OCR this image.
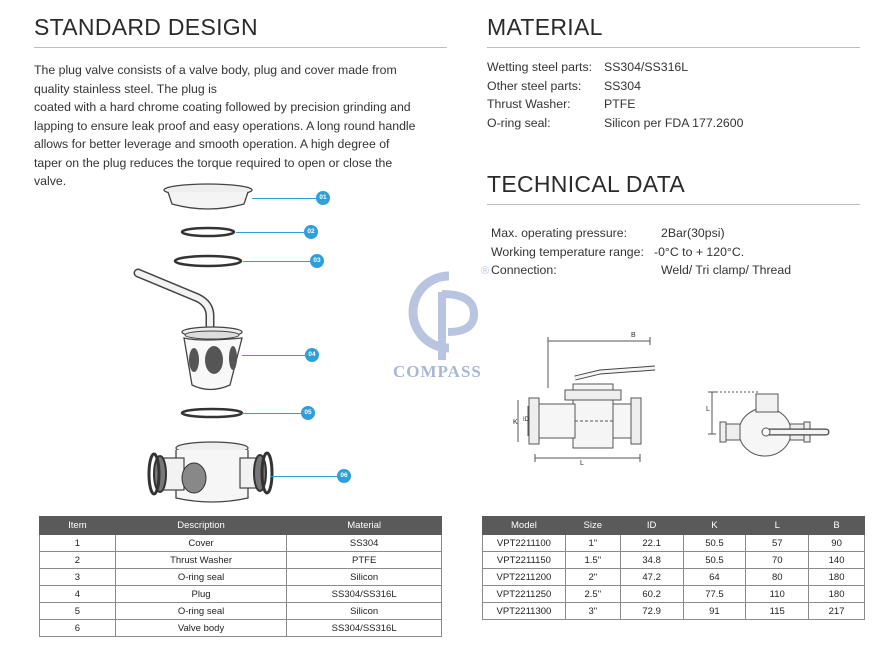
STANDARD DESIGN
The plug valve consists of a valve body, plug and cover made from
quality stainless steel. The plug is
coated with a hard chrome coating followed by precision grinding and
lapping to ensure leak proof and easy operations. A long round handle
allows for better leverage and smooth operation. A high degree of
taper on the plug reduces the torque required to open or close the
valve.
MATERIAL
Wetting steel parts: SS304/SS316L
Other steel parts: SS304
Thrust Washer:	PTFE
O-ring seal:	Silicon per FDA 177.2600
TECHNICAL DATA
Max. operating pressure:	2Bar(30psi)
Working temperature range: -0°C to + 120°C.
Connection:	Weld/ Tri clamp/ Thread
®
COMPASS
01
02
03
04
05
06
B
K ID
L
L
Item	Description	Material
1	Cover	SS304
2	Thrust Washer	PTFE
3	O-ring seal	Silicon
4	Plug	SS304/SS316L
5	O-ring seal	Silicon
6	Valve body	SS304/SS316L
Model	Size	ID	K	L	B
VPT2211100	1"	22.1	50.5	57	90
VPT2211150	1.5"	34.8	50.5	70	140
VPT2211200	2"	47.2	64	80	180
VPT2211250	2.5"	60.2	77.5	110	180
VPT2211300	3"	72.9	91	115	217
